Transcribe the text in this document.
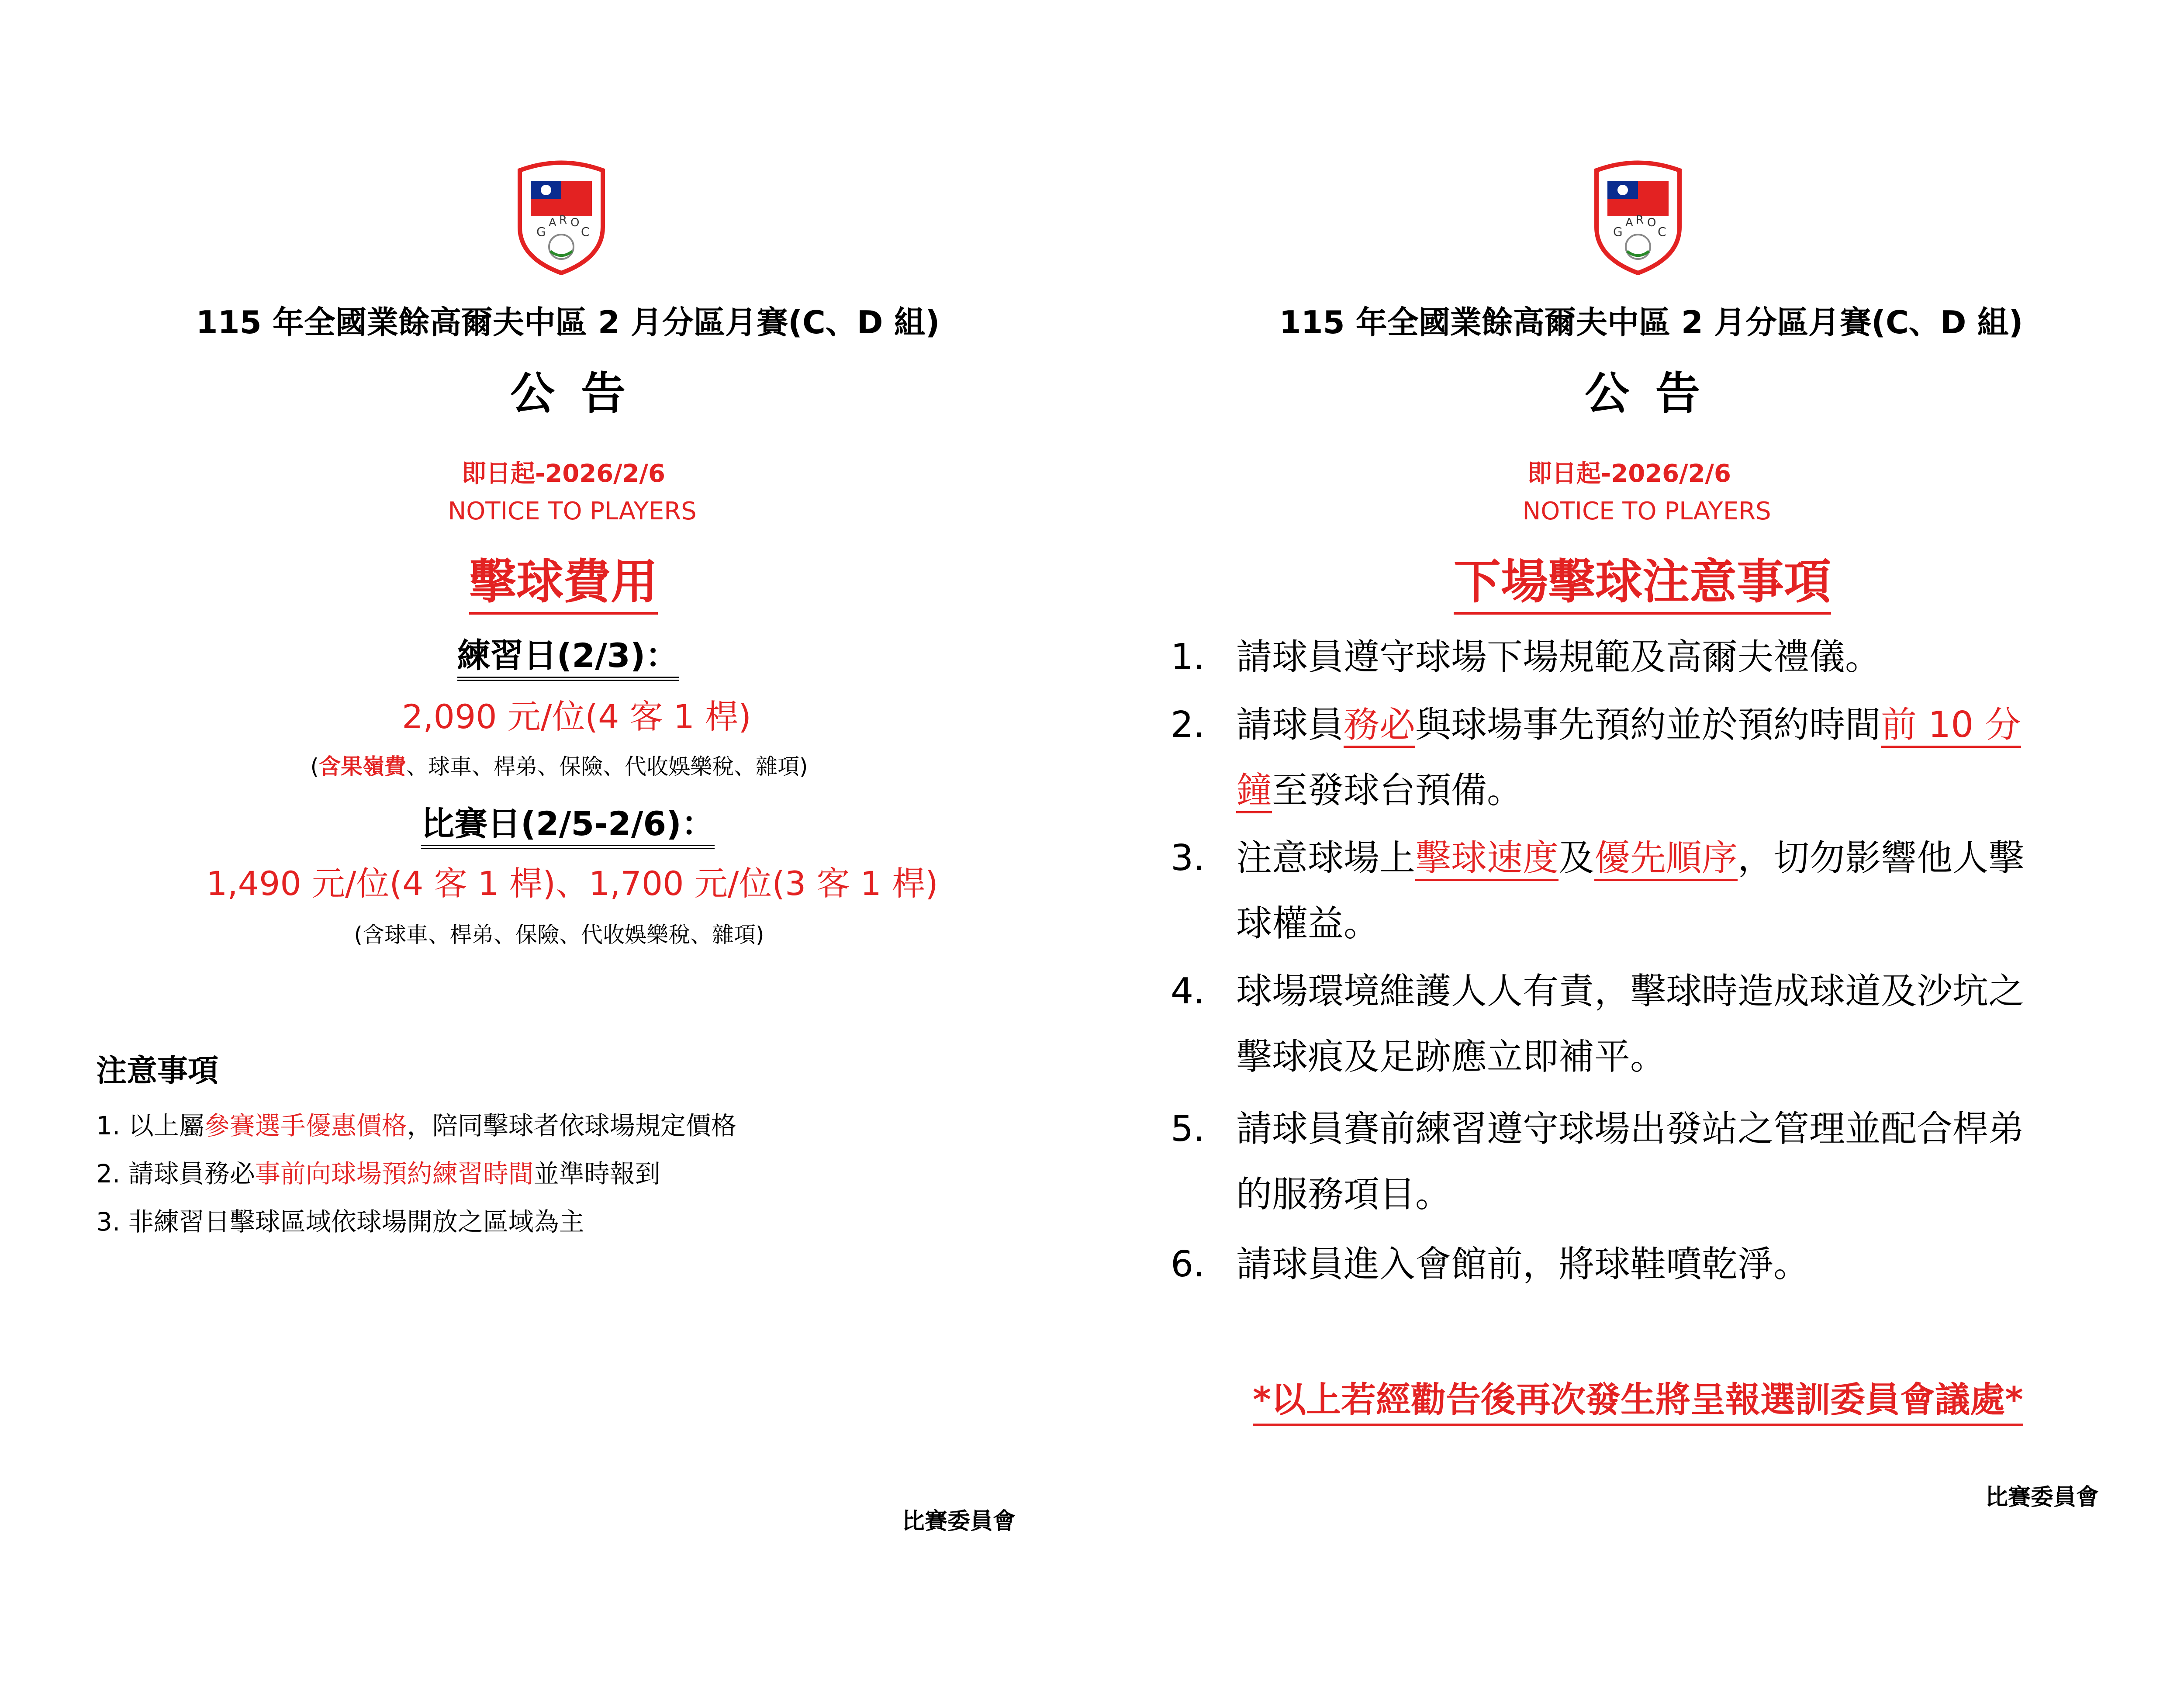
G
A R O
C
115 年全國業餘高爾夫中區 2 月分區月賽(C、D 組)
公告
即日起-2026/2/6
NOTICE TO PLAYERS
擊球費用
練習日(2/3)：
2,090 元/位(4 客 1 桿)
(含果嶺費、球車、桿弟、保險、代收娛樂稅、雜項)
比賽日(2/5-2/6)：
1,490 元/位(4 客 1 桿)、1,700 元/位(3 客 1 桿)
(含球車、桿弟、保險、代收娛樂稅、雜項)
注意事項
1. 以上屬參賽選手優惠價格，陪同擊球者依球場規定價格
2. 請球員務必事前向球場預約練習時間並準時報到
3. 非練習日擊球區域依球場開放之區域為主
比賽委員會
G
A R O
C
115 年全國業餘高爾夫中區 2 月分區月賽(C、D 組)
公告
即日起-2026/2/6
NOTICE TO PLAYERS
下場擊球注意事項
1. 請球員遵守球場下場規範及高爾夫禮儀。
2. 請球員務必與球場事先預約並於預約時間前 10 分
鐘至發球台預備。
3. 注意球場上擊球速度及優先順序，切勿影響他人擊
球權益。
4. 球場環境維護人人有責，擊球時造成球道及沙坑之
擊球痕及足跡應立即補平。
5. 請球員賽前練習遵守球場出發站之管理並配合桿弟
的服務項目。
6. 請球員進入會館前，將球鞋噴乾淨。
*以上若經勸告後再次發生將呈報選訓委員會議處*
比賽委員會
